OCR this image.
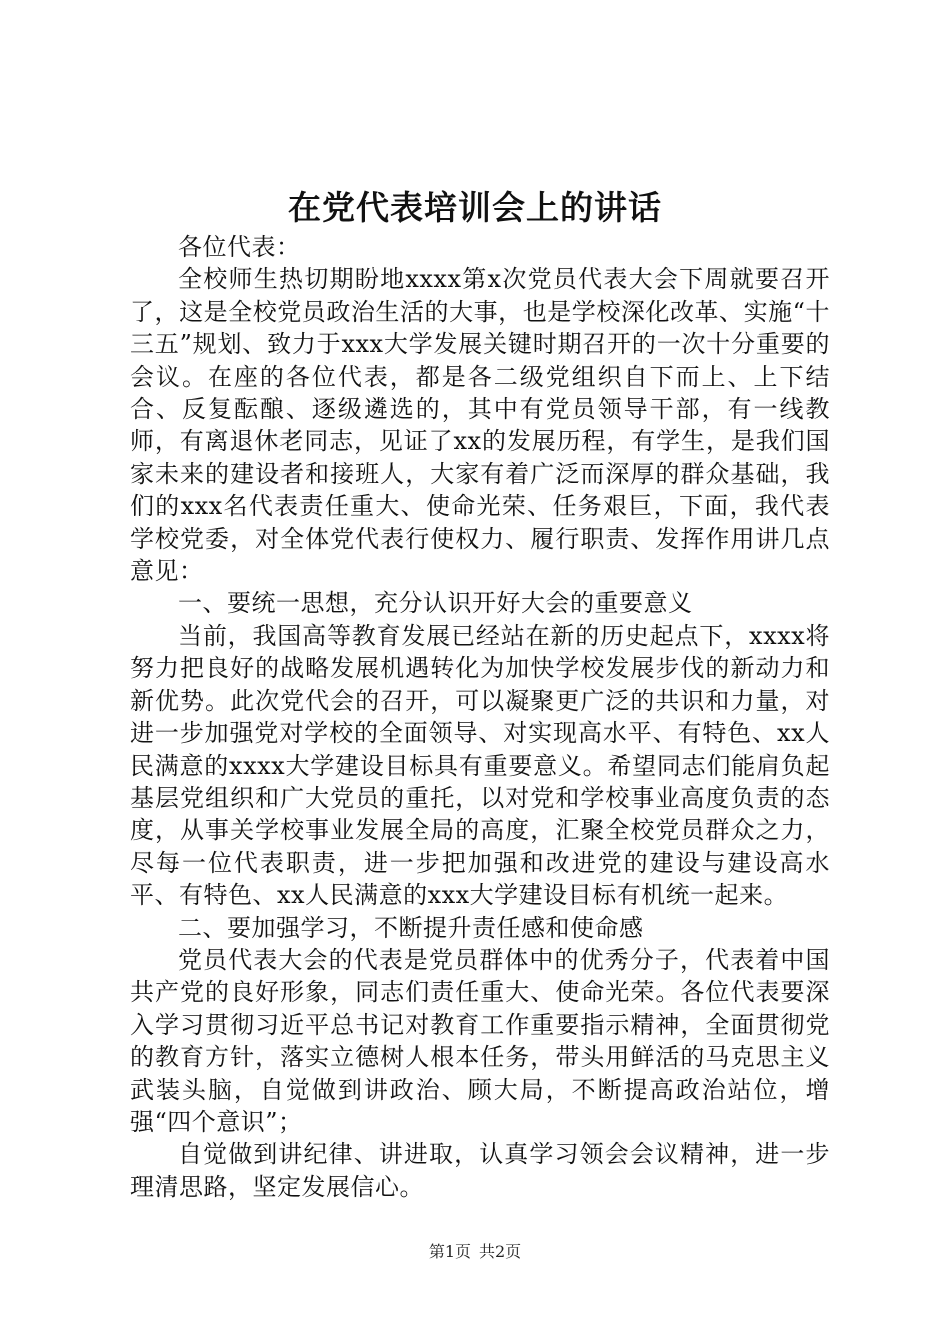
在党代表培训会上的讲话

各位代表：

全校师生热切期盼地xxxx第x次党员代表大会下周就要召开了，这是全校党员政治生活的大事，也是学校深化改革、实施“十三五”规划、致力于xxx大学发展关键时期召开的一次十分重要的会议。在座的各位代表，都是各二级党组织自下而上、上下结合、反复酝酿、逐级遴选的，其中有党员领导干部，有一线教师，有离退休老同志，见证了xx的发展历程，有学生，是我们国家未来的建设者和接班人，大家有着广泛而深厚的群众基础，我们的xxx名代表责任重大、使命光荣、任务艰巨，下面，我代表学校党委，对全体党代表行使权力、履行职责、发挥作用讲几点意见：

一、要统一思想，充分认识开好大会的重要意义

当前，我国高等教育发展已经站在新的历史起点下，xxxx将努力把良好的战略发展机遇转化为加快学校发展步伐的新动力和新优势。此次党代会的召开，可以凝聚更广泛的共识和力量，对进一步加强党对学校的全面领导、对实现高水平、有特色、xx人民满意的xxxx大学建设目标具有重要意义。希望同志们能肩负起基层党组织和广大党员的重托，以对党和学校事业高度负责的态度，从事关学校事业发展全局的高度，汇聚全校党员群众之力，尽每一位代表职责，进一步把加强和改进党的建设与建设高水平、有特色、xx人民满意的xxx大学建设目标有机统一起来。

二、要加强学习，不断提升责任感和使命感

党员代表大会的代表是党员群体中的优秀分子，代表着中国共产党的良好形象，同志们责任重大、使命光荣。各位代表要深入学习贯彻习近平总书记对教育工作重要指示精神，全面贯彻党的教育方针，落实立德树人根本任务，带头用鲜活的马克思主义武装头脑，自觉做到讲政治、顾大局，不断提高政治站位，增强“四个意识”；

自觉做到讲纪律、讲进取，认真学习领会会议精神，进一步理清思路，坚定发展信心。

第1页 共2页
